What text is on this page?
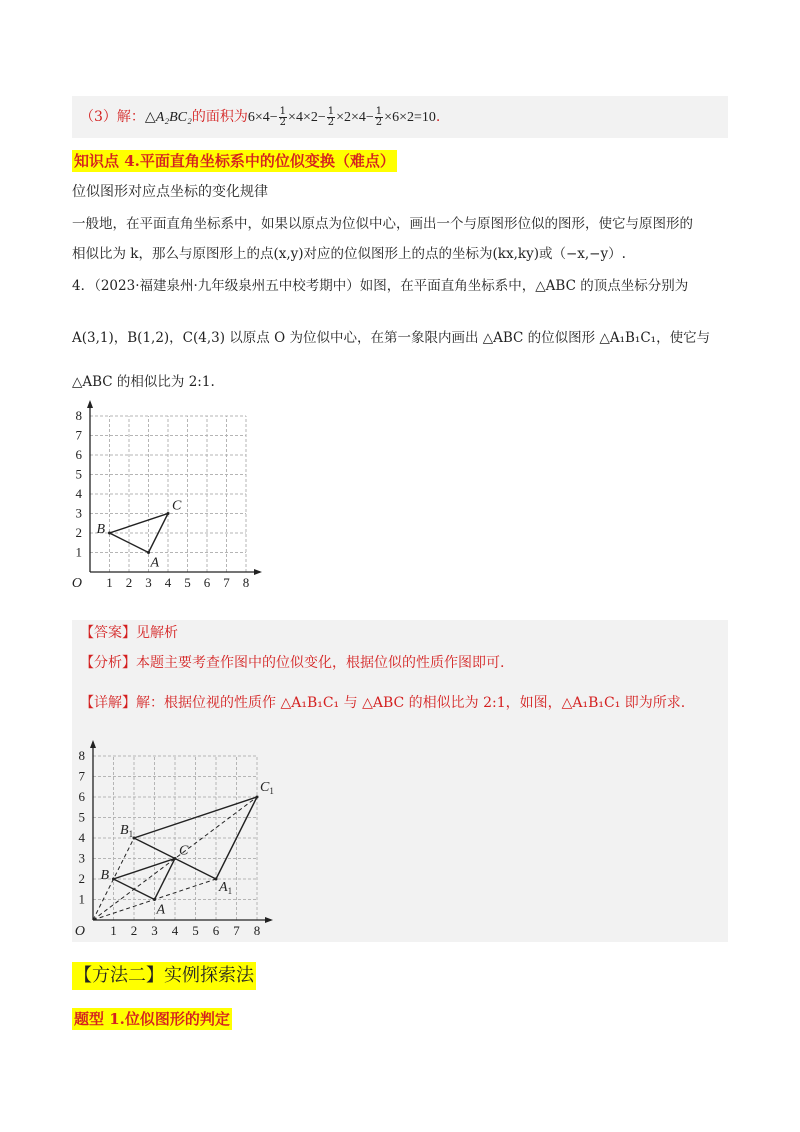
（3）解：△A₂BC₂的面积为$6\times 4- \frac{1}{2} \times 4\times 2- \frac{1}{2} \times 2\times 4- \frac{1}{2} \times 6\times 2=10$.
知识点 4.平面直角坐标系中的位似变换（难点）
位似图形对应点坐标的变化规律
一般地，在平面直角坐标系中，如果以原点为位似中心，画出一个与原图形位似的图形，使它与原图形的
相似比为 k，那么与原图形上的点(x,y)对应的位似图形上的点的坐标为(kx,ky)或（−x,−y）.
4．（2023·福建泉州·九年级泉州五中校考期中）如图，在平面直角坐标系中，△ABC 的顶点坐标分别为
A(3,1)，B(1,2)，C(4,3) 以原点 O 为位似中心，在第一象限内画出 △ABC 的位似图形 △A₁B₁C₁，使它与
△ABC 的相似比为 2:1.
1 2 3 4 5 6 7 8
1
2
3
4
5
6
7
8
O
A
B
C
【答案】见解析
【分析】本题主要考查作图中的位似变化，根据位似的性质作图即可.
【详解】解：根据位视的性质作 △A₁B₁C₁ 与 △ABC 的相似比为 2:1，如图，△A₁B₁C₁ 即为所求.
1 2 3 4 5 6 7 8
1
2
3
4
5
6
7
8
O
A
B
C
$A_1$
$B_1$
$C_1$
【方法二】实例探索法
题型 1.位似图形的判定
